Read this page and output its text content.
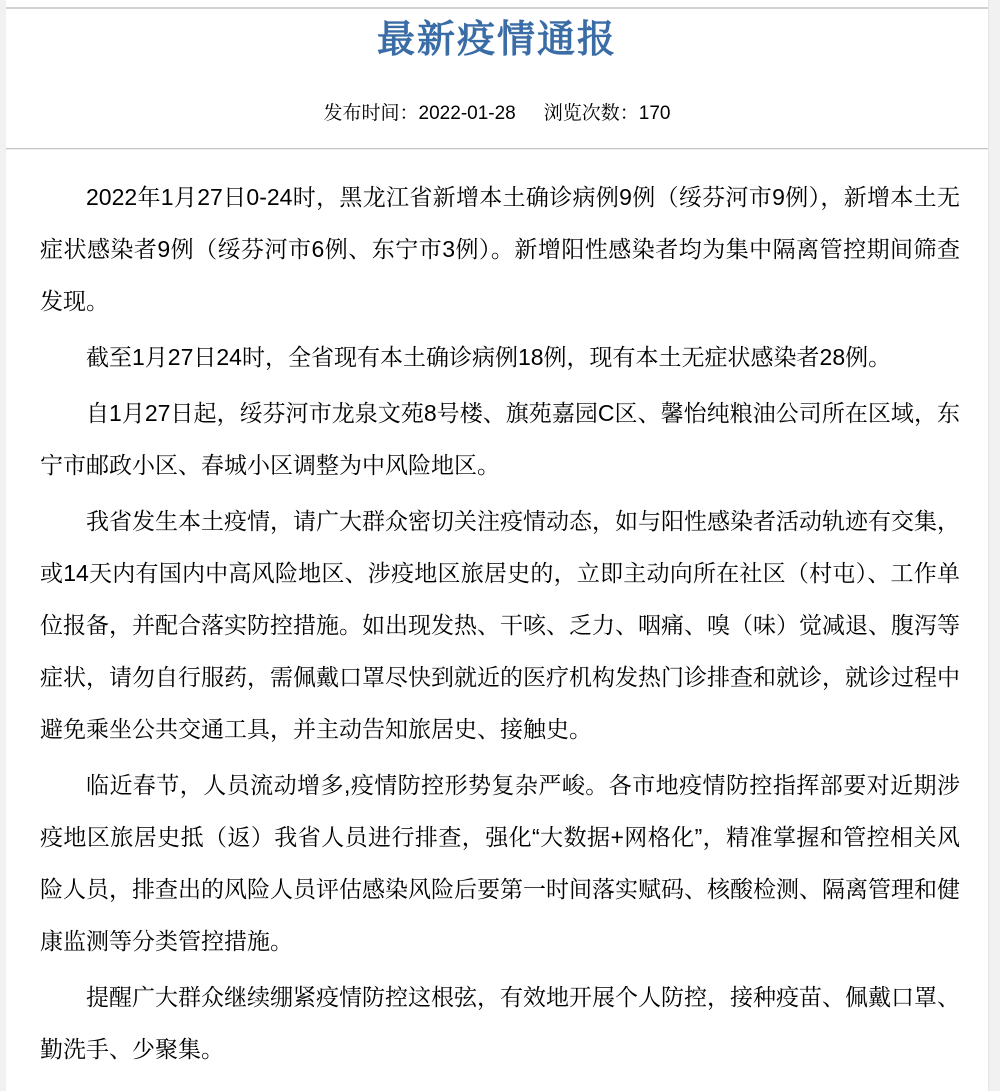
最新疫情通报
发布时间：2022-01-28 浏览次数：170

2022年1月27日0-24时，黑龙江省新增本土确诊病例9例（绥芬河市9例），新增本土无症状感染者9例（绥芬河市6例、东宁市3例）。新增阳性感染者均为集中隔离管控期间筛查发现。

截至1月27日24时，全省现有本土确诊病例18例，现有本土无症状感染者28例。

自1月27日起，绥芬河市龙泉文苑8号楼、旗苑嘉园C区、馨怡纯粮油公司所在区域，东宁市邮政小区、春城小区调整为中风险地区。

我省发生本土疫情，请广大群众密切关注疫情动态，如与阳性感染者活动轨迹有交集，或14天内有国内中高风险地区、涉疫地区旅居史的，立即主动向所在社区（村屯）、工作单位报备，并配合落实防控措施。如出现发热、干咳、乏力、咽痛、嗅（味）觉减退、腹泻等症状，请勿自行服药，需佩戴口罩尽快到就近的医疗机构发热门诊排查和就诊，就诊过程中避免乘坐公共交通工具，并主动告知旅居史、接触史。

临近春节，人员流动增多,疫情防控形势复杂严峻。各市地疫情防控指挥部要对近期涉疫地区旅居史抵（返）我省人员进行排查，强化“大数据+网格化”，精准掌握和管控相关风险人员，排查出的风险人员评估感染风险后要第一时间落实赋码、核酸检测、隔离管理和健康监测等分类管控措施。

提醒广大群众继续绷紧疫情防控这根弦，有效地开展个人防控，接种疫苗、佩戴口罩、勤洗手、少聚集。
